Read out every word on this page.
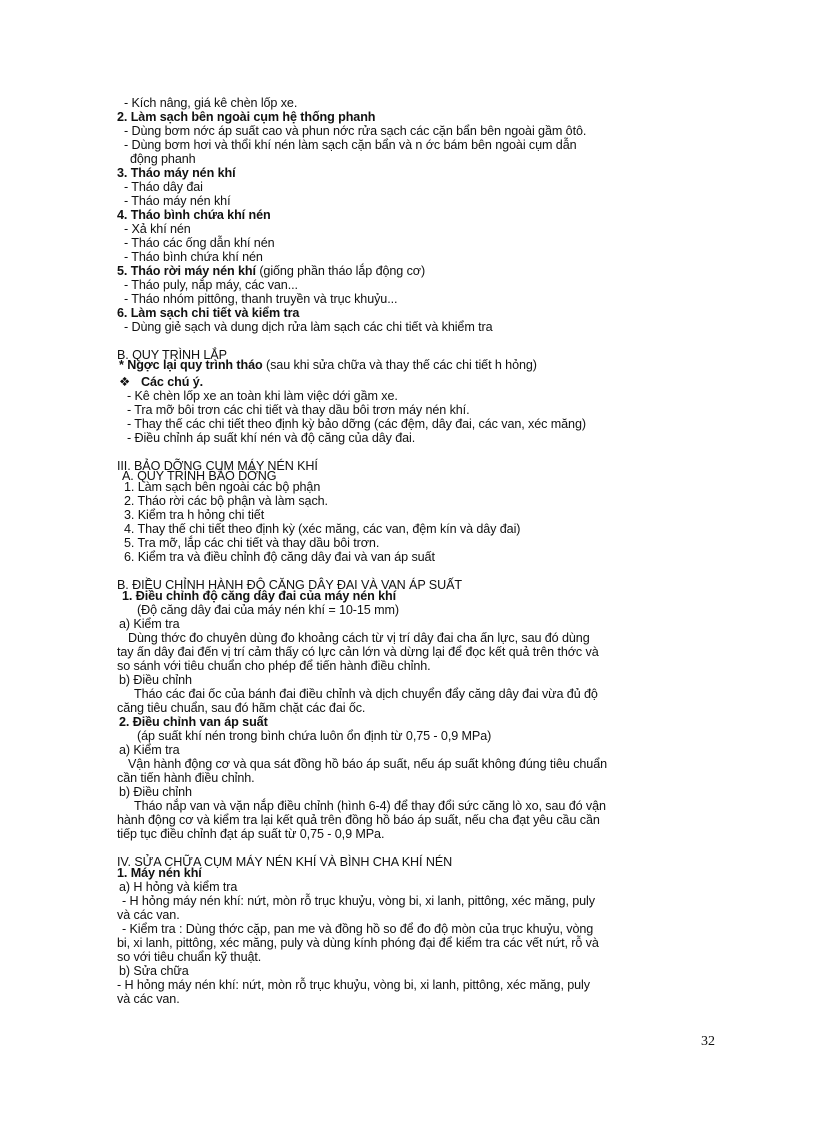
- Kích nâng, giá kê chèn lốp xe.
2. Làm sạch bên ngoài cụm hệ thống phanh
- Dùng bơm nớc áp suất cao và phun nớc rửa sạch các cặn bẩn bên ngoài gầm ôtô.
- Dùng bơm hơi và thổi khí nén làm sạch cặn bẩn và n ớc bám bên ngoài cụm dẫn
động phanh
3. Tháo máy nén khí
- Tháo dây đai
- Tháo máy nén khí
4. Tháo bình chứa khí nén
- Xả khí nén
- Tháo các ống dẫn khí nén
- Tháo bình chứa khí nén
5. Tháo rời máy nén khí (giống phần tháo lắp động cơ)
- Tháo puly, nắp máy, các van...
- Tháo nhóm pittông, thanh truyền và trục khuỷu...
6. Làm sạch chi tiết và kiểm tra
- Dùng giẻ sạch và dung dịch rửa làm sạch các chi tiết và khiểm tra
B. QUY TRÌNH LẮP
* Ngợc lại quy trình tháo (sau khi sửa chữa và thay thế các chi tiết h hỏng)
❖ Các chú ý.
- Kê chèn lốp xe an toàn khi làm việc dới gầm xe.
- Tra mỡ bôi trơn các chi tiết và thay dầu bôi trơn máy nén khí.
- Thay thế các chi tiết theo định kỳ bảo dỡng (các đệm, dây đai, các van, xéc măng)
- Điều chỉnh áp suất khí nén và độ căng của dây đai.
III. BẢO DỠNG CỤM MÁY NÉN KHÍ
A. QUY TRÌNH BẢO DỠNG
1. Làm sạch bên ngoài các bộ phận
2. Tháo rời các bộ phận và làm sạch.
3. Kiểm tra h hỏng chi tiết
4. Thay thế chi tiết theo định kỳ (xéc măng, các van, đệm kín và dây đai)
5. Tra mỡ, lắp các chi tiết và thay dầu bôi trơn.
6. Kiểm tra và điều chỉnh độ căng dây đai và van áp suất
B. ĐIỀU CHỈNH HÀNH ĐỘ CĂNG DÂY ĐAI VÀ VAN ÁP SUẤT
1. Điều chỉnh độ căng dây đai của máy nén khí
(Độ căng dây đai của máy nén khí = 10-15 mm)
a) Kiểm tra
Dùng thớc đo chuyên dùng đo khoảng cách từ vị trí dây đai cha ấn lực, sau đó dùng
tay ấn dây đai đến vị trí cảm thấy có lực cản lớn và dừng lại để đọc kết quả trên thớc và
so sánh với tiêu chuẩn cho phép để tiến hành điều chỉnh.
b) Điều chỉnh
Tháo các đai ốc của bánh đai điều chỉnh và dịch chuyển đẩy căng dây đai vừa đủ độ
căng tiêu chuẩn, sau đó hãm chặt các đai ốc.
2. Điều chỉnh van áp suất
(áp suất khí nén trong bình chứa luôn ổn định từ 0,75 - 0,9 MPa)
a) Kiểm tra
Vận hành động cơ và qua sát đồng hồ báo áp suất, nếu áp suất không đúng tiêu chuẩn
cần tiến hành điều chỉnh.
b) Điều chỉnh
Tháo nắp van và vặn nắp điều chỉnh (hình 6-4) để thay đổi sức căng lò xo, sau đó vận
hành động cơ và kiểm tra lại kết quả trên đồng hồ báo áp suất, nếu cha đạt yêu cầu cần
tiếp tục điều chỉnh đạt áp suất từ 0,75 - 0,9 MPa.
IV. SỬA CHỮA CỤM MÁY NÉN KHÍ VÀ BÌNH CHA KHÍ NÉN
1. Máy nén khí
a) H hỏng và kiểm tra
- H hỏng máy nén khí: nứt, mòn rỗ trục khuỷu, vòng bi, xi lanh, pittông, xéc măng, puly
và các van.
- Kiểm tra : Dùng thớc cặp, pan me và đồng hồ so để đo độ mòn của trục khuỷu, vòng
bi, xi lanh, pittông, xéc măng, puly và dùng kính phóng đại để kiểm tra các vết nứt, rỗ và
so với tiêu chuẩn kỹ thuật.
b) Sửa chữa
- H hỏng máy nén khí: nứt, mòn rỗ trục khuỷu, vòng bi, xi lanh, pittông, xéc măng, puly
và các van.
32
